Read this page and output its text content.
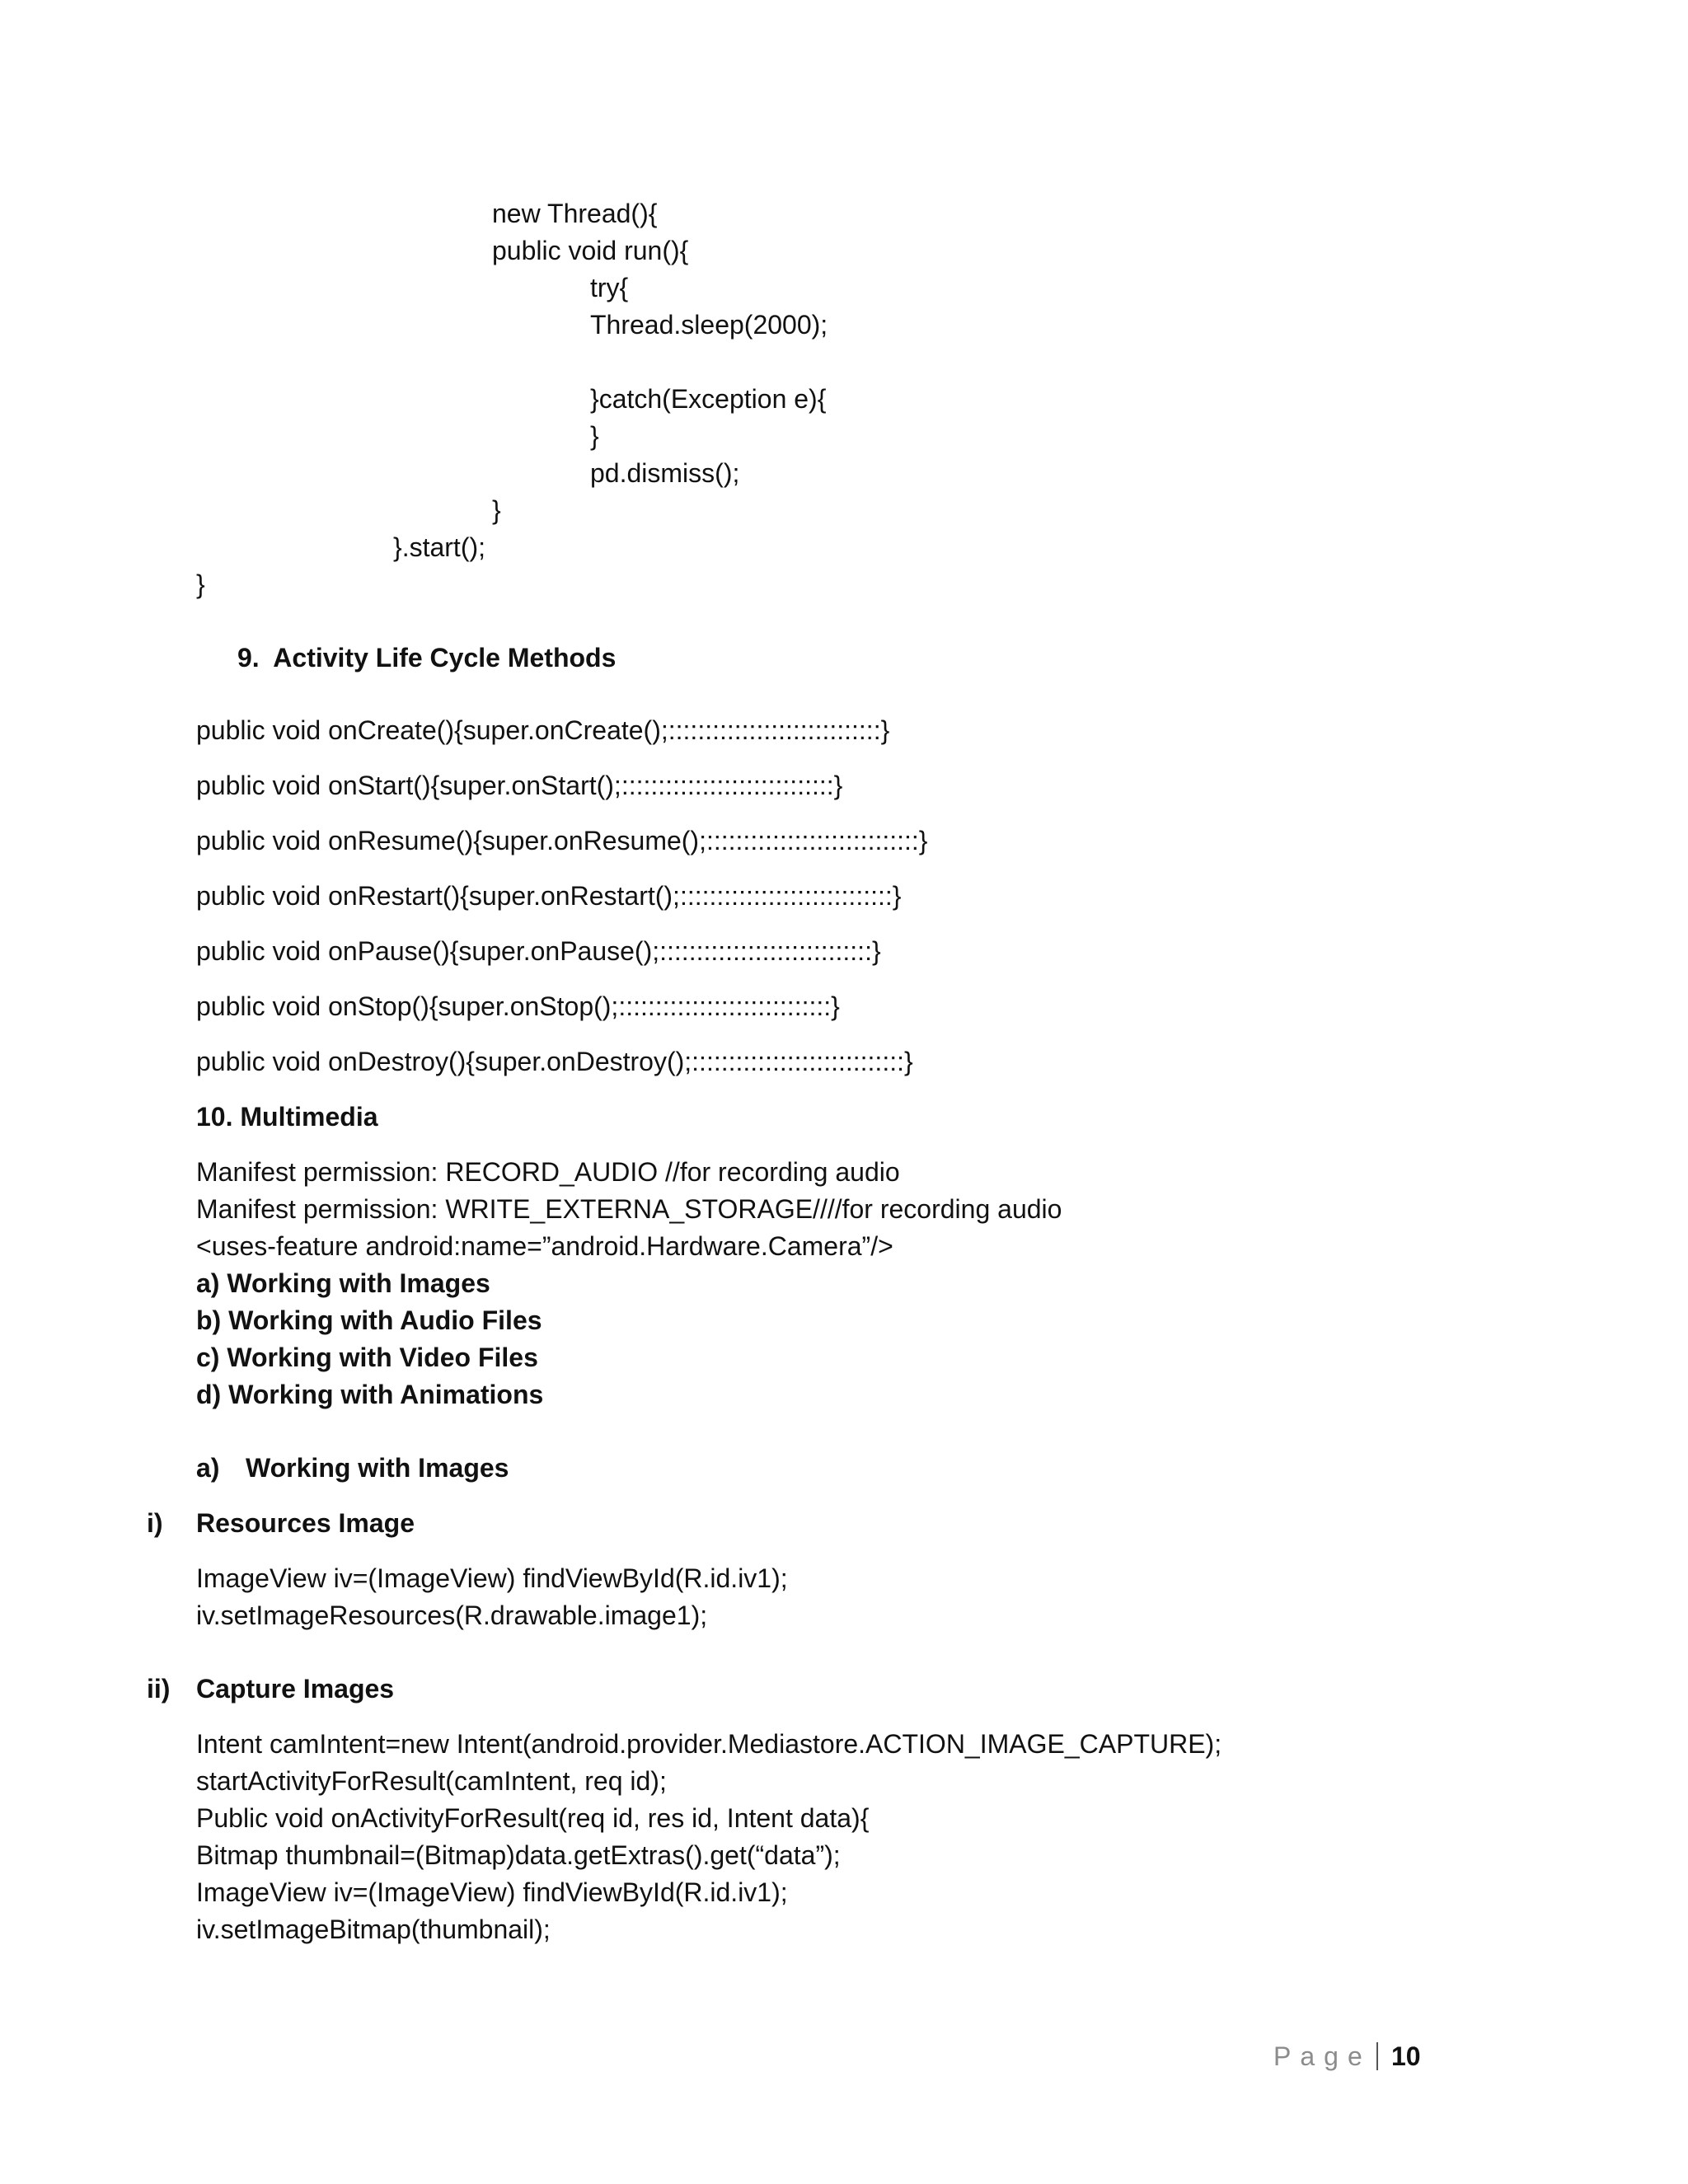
new Thread(){
public void run(){
try{
Thread.sleep(2000);
}catch(Exception e){
}
pd.dismiss();
}
}.start();
}
9.  Activity Life Cycle Methods
public void onCreate(){super.onCreate();:::::::::::::::::::::::::::::}
public void onStart(){super.onStart();:::::::::::::::::::::::::::::}
public void onResume(){super.onResume();:::::::::::::::::::::::::::::}
public void onRestart(){super.onRestart();:::::::::::::::::::::::::::::}
public void onPause(){super.onPause();:::::::::::::::::::::::::::::}
public void onStop(){super.onStop();:::::::::::::::::::::::::::::}
public void onDestroy(){super.onDestroy();:::::::::::::::::::::::::::::}
10. Multimedia
Manifest permission: RECORD_AUDIO //for recording audio
Manifest permission: WRITE_EXTERNA_STORAGE////for recording audio
<uses-feature android:name=”android.Hardware.Camera”/>
a) Working with Images
b) Working with Audio Files
c) Working with Video Files
d) Working with Animations
a) Working with Images
i) Resources Image
ImageView iv=(ImageView) findViewById(R.id.iv1);
iv.setImageResources(R.drawable.image1);
ii) Capture Images
Intent camIntent=new Intent(android.provider.Mediastore.ACTION_IMAGE_CAPTURE);
startActivityForResult(camIntent, req id);
Public void onActivityForResult(req id, res id, Intent data){
Bitmap thumbnail=(Bitmap)data.getExtras().get(“data”);
ImageView iv=(ImageView) findViewById(R.id.iv1);
iv.setImageBitmap(thumbnail);
Page 10
